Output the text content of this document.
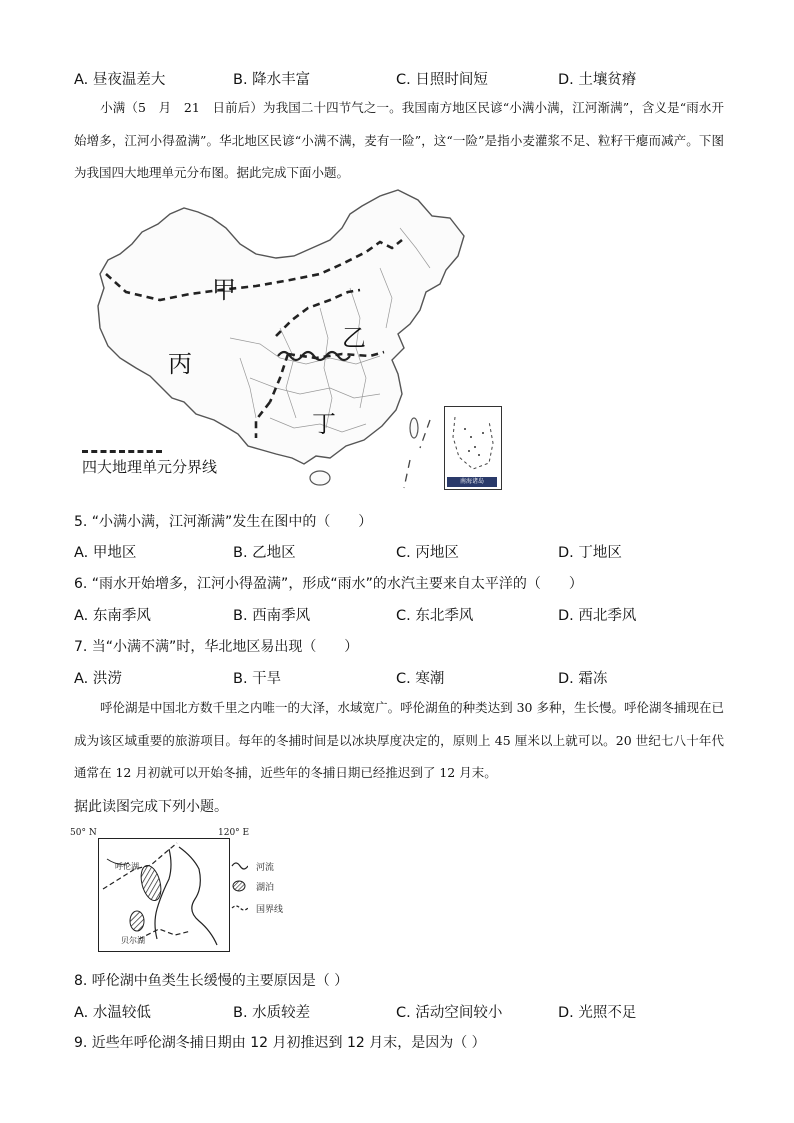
A. 昼夜温差大	B. 降水丰富	C. 日照时间短	D. 土壤贫瘠
小满（5　月　21　日前后）为我国二十四节气之一。我国南方地区民谚“小满小满，江河渐满”，含义是“雨水开始增多，江河小得盈满”。华北地区民谚“小满不满，麦有一险”，这“一险”是指小麦灌浆不足、粒籽干瘪而减产。下图为我国四大地理单元分布图。据此完成下面小题。
甲
乙
丙
丁
四大地理单元分界线
南海诸岛
5. “小满小满，江河渐满”发生在图中的（　　）
A. 甲地区	B. 乙地区	C. 丙地区	D. 丁地区
6. “雨水开始增多，江河小得盈满”，形成“雨水”的水汽主要来自太平洋的（　　）
A. 东南季风	B. 西南季风	C. 东北季风	D. 西北季风
7. 当“小满不满”时，华北地区易出现（　　）
A. 洪涝	B. 干旱	C. 寒潮	D. 霜冻
呼伦湖是中国北方数千里之内唯一的大泽，水域宽广。呼伦湖鱼的种类达到 30 多种，生长慢。呼伦湖冬捕现在已成为该区域重要的旅游项目。每年的冬捕时间是以冰块厚度决定的，原则上 45 厘米以上就可以。20 世纪七八十年代通常在 12 月初就可以开始冬捕，近些年的冬捕日期已经推迟到了 12 月末。
据此读图完成下列小题。
50° N	120° E
呼伦湖
贝尔湖
河流
湖泊
国界线
8. 呼伦湖中鱼类生长缓慢的主要原因是（ ）
A. 水温较低	B. 水质较差	C. 活动空间较小	D. 光照不足
9. 近些年呼伦湖冬捕日期由 12 月初推迟到 12 月末，是因为（ ）
